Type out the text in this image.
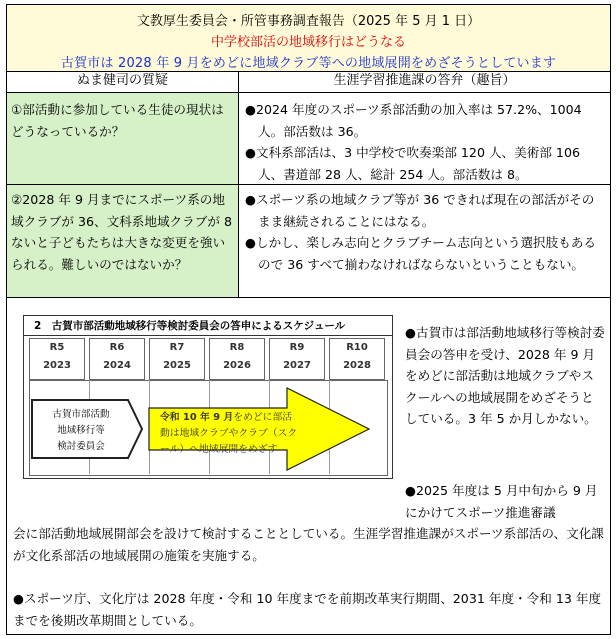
文教厚生委員会・所管事務調査報告（2025 年 5 月 1 日）
中学校部活の地域移行はどうなる
古賀市は 2028 年 9 月をめどに地域クラブ等への地域展開をめざそうとしています
ぬま健司の質疑	生涯学習推進課の答弁（趣旨）
①部活動に参加している生徒の現状はどうなっているか？
●2024 年度のスポーツ系部活動の加入率は 57.2%、1004 人。部活数は 36。
●文科系部活は、3 中学校で吹奏楽部 120 人、美術部 106 人、書道部 28 人、総計 254 人。部活数は 8。
②2028 年 9 月までにスポーツ系の地域クラブが 36、文科系地域クラブが 8 ないと子どもたちは大きな変更を強いられる。難しいのではないか？
●スポーツ系の地域クラブ等が 36 できれば現在の部活がそのまま継続されることにはなる。
●しかし、楽しみ志向とクラブチーム志向という選択肢もあるので 36 すべて揃わなければならないということもない。
2　古賀市部活動地域移行等検討委員会の答申によるスケジュール
R5
2023
R6
2024
R7
2025
R8
2026
R9
2027
R10
2028
古賀市部活動
地域移行等
検討委員会
令和 10 年 9 月をめどに部活動は地域クラブやクラブ（スクール）へ地域展開をめざす
●古賀市は部活動地域移行等検討委員会の答申を受け、2028 年 9 月をめどに部活動は地域クラブやスクールへの地域展開をめざそうとしている。3 年 5 か月しかない。
●2025 年度は 5 月中旬から 9 月にかけてスポーツ推進審議
会に部活動地域展開部会を設けて検討することとしている。生涯学習推進課がスポーツ系部活の、文化課が文化系部活の地域展開の施策を実施する。
●スポーツ庁、文化庁は 2028 年度・令和 10 年度までを前期改革実行期間、2031 年度・令和 13 年度までを後期改革期間としている。
